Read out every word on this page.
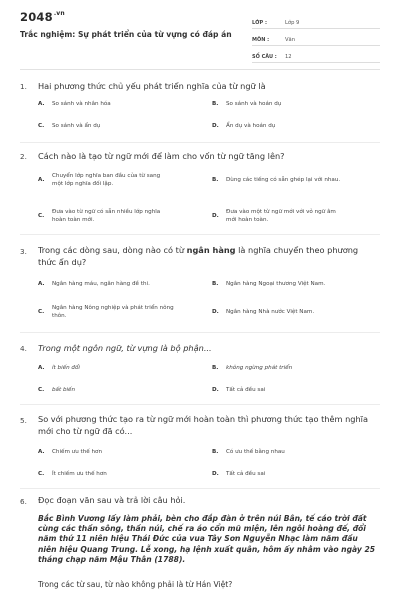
$2048^{.vn}$
Trắc nghiệm: Sự phát triển của từ vựng có đáp án
LỚP :	Lớp 9
MÔN :	Văn
SỐ CÂU :	12
1. Hai phương thức chủ yếu phát triển nghĩa của từ ngữ là
A.	So sánh và nhân hóa	B.	So sánh và hoán dụ
C.	So sánh và ẩn dụ	D.	Ẩn dụ và hoán dụ
2. Cách nào là tạo từ ngữ mới để làm cho vốn từ ngữ tăng lên?
A.
Chuyển lớp nghĩa ban đầu của từ sang
một lớp nghĩa đối lập.
B.	Dùng các tiếng có sẵn ghép lại với nhau.
C.
Đưa vào từ ngữ có sẵn nhiều lớp nghĩa
hoàn toàn mới.
D.
Đưa vào một từ ngữ mới với vỏ ngữ âm
mới hoàn toàn.
3. Trong các dòng sau, dòng nào có từ ngân hàng là nghĩa chuyển theo phương thức ẩn dụ?
A.	Ngân hàng máu, ngân hàng đề thi.	B.	Ngân hàng Ngoại thương Việt Nam.
C.
Ngân hàng Nông nghiệp và phát triển nông
thôn.
D.	Ngân hàng Nhà nước Việt Nam.
4. Trong một ngôn ngữ, từ vựng là bộ phận...
A.	ít biến đổi	B.	không ngừng phát triển
C.	bất biến	D.	Tất cả đều sai
5. So với phương thức tạo ra từ ngữ mới hoàn toàn thì phương thức tạo thêm nghĩa mới cho từ ngữ đã có...
A.	Chiếm ưu thế hơn	B.	Có ưu thế bằng nhau
C.	Ít chiếm ưu thế hơn	D.	Tất cả đều sai
6. Đọc đoạn văn sau và trả lời câu hỏi.
Bắc Bình Vương lấy làm phải, bèn cho đắp đàn ở trên núi Bân, tế cáo trời đất cùng các thần sông, thần núi, chế ra áo cổn mũ miện, lên ngôi hoàng đế, đổi năm thứ 11 niên hiệu Thái Đức của vua Tây Sơn Nguyễn Nhạc làm năm đầu niên hiệu Quang Trung. Lễ xong, hạ lệnh xuất quân, hôm ấy nhằm vào ngày 25 tháng chạp năm Mậu Thân (1788).
Trong các từ sau, từ nào không phải là từ Hán Việt?
